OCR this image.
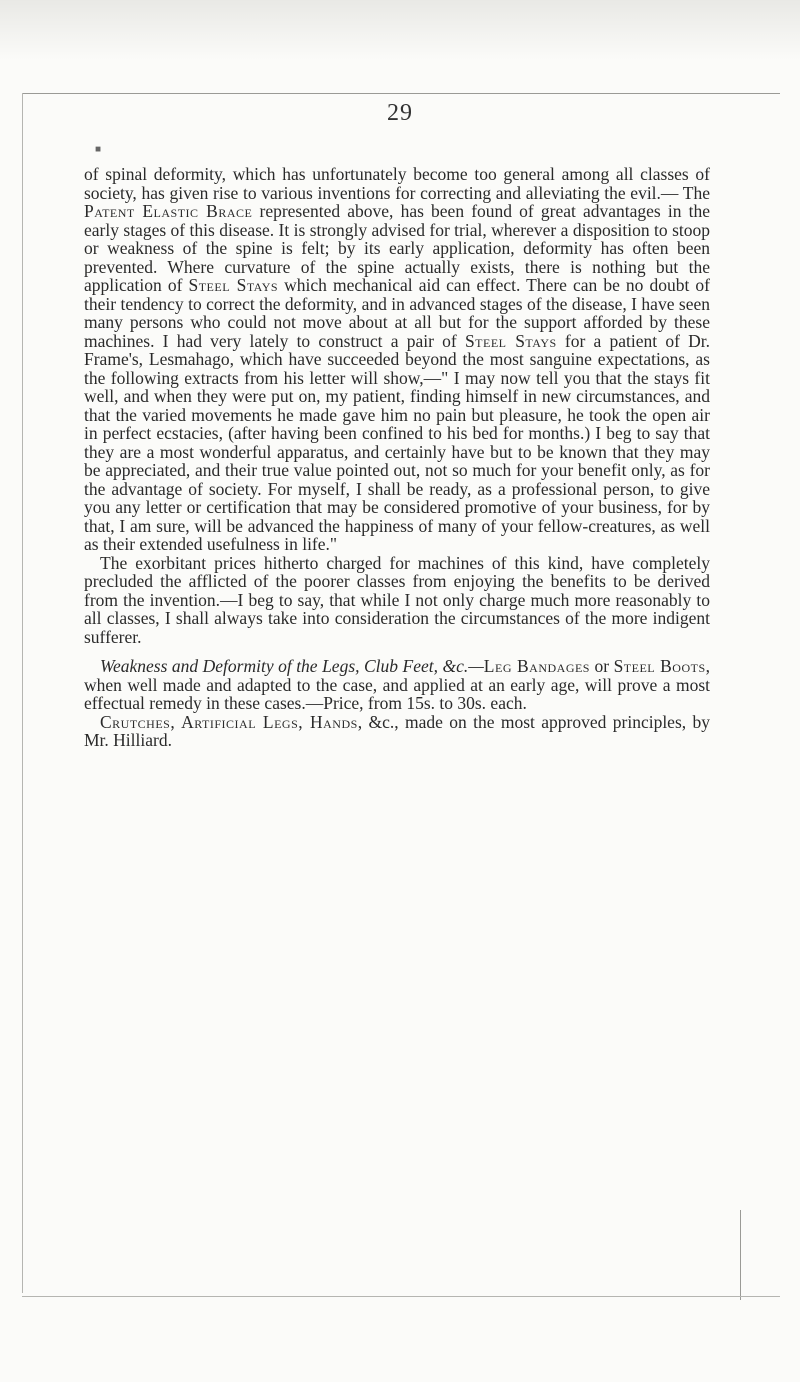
29
■

of spinal deformity, which has unfortunately become too general among all classes of society, has given rise to various inventions for correcting and alleviating the evil.— The Patent Elastic Brace represented above, has been found of great advantages in the early stages of this disease. It is strongly advised for trial, wherever a disposition to stoop or weakness of the spine is felt; by its early application, deformity has often been prevented. Where curvature of the spine actually exists, there is nothing but the application of Steel Stays which mechanical aid can effect. There can be no doubt of their tendency to correct the deformity, and in advanced stages of the disease, I have seen many persons who could not move about at all but for the support afforded by these machines. I had very lately to construct a pair of Steel Stays for a patient of Dr. Frame's, Lesmahago, which have succeeded beyond the most sanguine expectations, as the following extracts from his letter will show,—" I may now tell you that the stays fit well, and when they were put on, my patient, finding himself in new circumstances, and that the varied movements he made gave him no pain but pleasure, he took the open air in perfect ecstacies, (after having been confined to his bed for months.) I beg to say that they are a most wonderful apparatus, and certainly have but to be known that they may be appreciated, and their true value pointed out, not so much for your benefit only, as for the advantage of society. For myself, I shall be ready, as a professional person, to give you any letter or certification that may be considered promotive of your business, for by that, I am sure, will be advanced the happiness of many of your fellow-creatures, as well as their extended usefulness in life."

The exorbitant prices hitherto charged for machines of this kind, have completely precluded the afflicted of the poorer classes from enjoying the benefits to be derived from the invention.—I beg to say, that while I not only charge much more reasonably to all classes, I shall always take into consideration the circumstances of the more indigent sufferer.

Weakness and Deformity of the Legs, Club Feet, &c.—Leg Bandages or Steel Boots, when well made and adapted to the case, and applied at an early age, will prove a most effectual remedy in these cases.—Price, from 15s. to 30s. each.

Crutches, Artificial Legs, Hands, &c., made on the most approved principles, by Mr. Hilliard.
